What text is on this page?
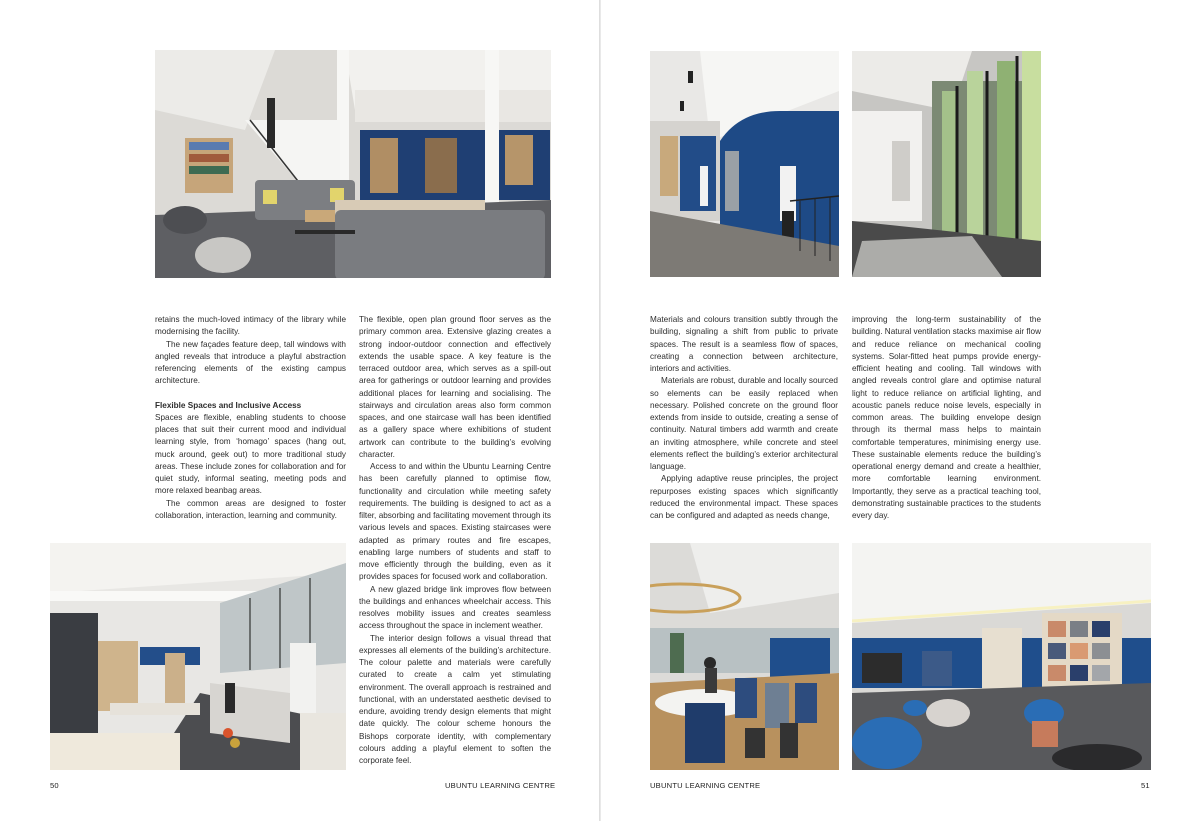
retains the much-loved intimacy of the library while modernising the facility.

The new façades feature deep, tall windows with angled reveals that introduce a playful abstraction referencing elements of the existing campus architecture.

Flexible Spaces and Inclusive Access

Spaces are flexible, enabling students to choose places that suit their current mood and individual learning style, from ‘homago’ spaces (hang out, muck around, geek out) to more traditional study areas. These include zones for collaboration and for quiet study, informal seating, meeting pods and more relaxed beanbag areas.

The common areas are designed to foster collaboration, interaction, learning and community.

The flexible, open plan ground floor serves as the primary common area. Extensive glazing creates a strong indoor-outdoor connection and effectively extends the usable space. A key feature is the terraced outdoor area, which serves as a spill-out area for gatherings or outdoor learning and provides additional places for learning and socialising. The stairways and circulation areas also form common spaces, and one staircase wall has been identified as a gallery space where exhibitions of student artwork can contribute to the building’s evolving character.

Access to and within the Ubuntu Learning Centre has been carefully planned to optimise flow, functionality and circulation while meeting safety requirements. The building is designed to act as a filter, absorbing and facilitating movement through its various levels and spaces. Existing staircases were adapted as primary routes and fire escapes, enabling large numbers of students and staff to move efficiently through the building, even as it provides spaces for focused work and collaboration.

A new glazed bridge link improves flow between the buildings and enhances wheelchair access. This resolves mobility issues and creates seamless access throughout the space in inclement weather.

The interior design follows a visual thread that expresses all elements of the building’s architecture. The colour palette and materials were carefully curated to create a calm yet stimulating environment. The overall approach is restrained and functional, with an understated aesthetic devised to endure, avoiding trendy design elements that might date quickly. The colour scheme honours the Bishops corporate identity, with complementary colours adding a playful element to soften the corporate feel.

50	UBUNTU LEARNING CENTRE

Materials and colours transition subtly through the building, signaling a shift from public to private spaces. The result is a seamless flow of spaces, creating a connection between architecture, interiors and activities.

Materials are robust, durable and locally sourced so elements can be easily replaced when necessary. Polished concrete on the ground floor extends from inside to outside, creating a sense of continuity. Natural timbers add warmth and create an inviting atmosphere, while concrete and steel elements reflect the building’s exterior architectural language.

Applying adaptive reuse principles, the project repurposes existing spaces which significantly reduced the environmental impact. These spaces can be configured and adapted as needs change,

improving the long-term sustainability of the building. Natural ventilation stacks maximise air flow and reduce reliance on mechanical cooling systems. Solar-fitted heat pumps provide energy-efficient heating and cooling. Tall windows with angled reveals control glare and optimise natural light to reduce reliance on artificial lighting, and acoustic panels reduce noise levels, especially in common areas. The building envelope design through its thermal mass helps to maintain comfortable temperatures, minimising energy use. These sustainable elements reduce the building’s operational energy demand and create a healthier, more comfortable learning environment. Importantly, they serve as a practical teaching tool, demonstrating sustainable practices to the students every day.

UBUNTU LEARNING CENTRE	51
